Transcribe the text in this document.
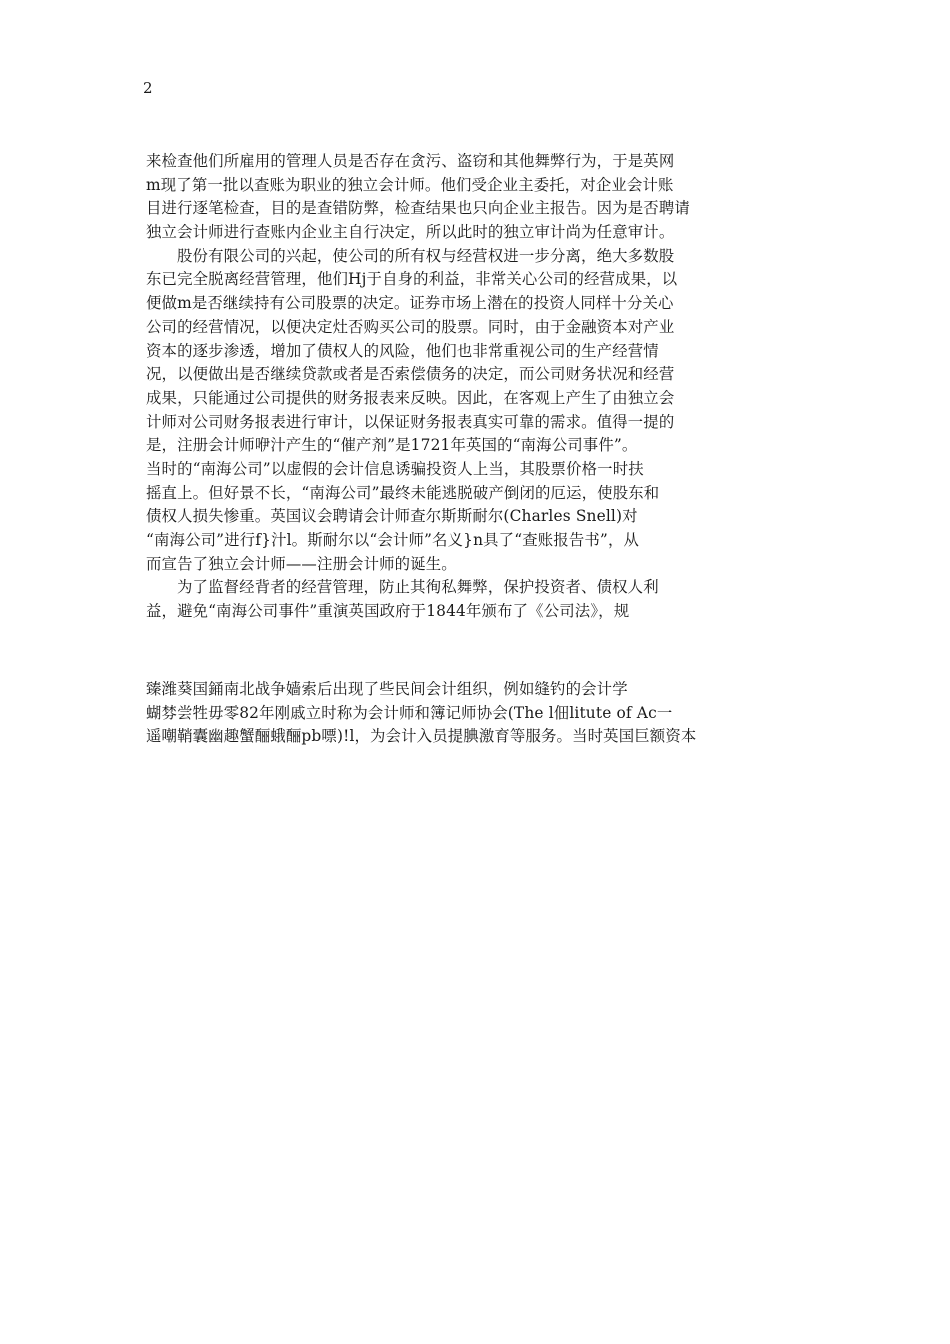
2
来检查他们所雇用的管理人员是否存在贪污、盗窃和其他舞弊行为，于是英网
m现了第一批以查账为职业的独立会计师。他们受企业主委托，对企业会计账
目进行逐笔检查，目的是查错防弊，检查结果也只向企业主报告。因为是否聘请
独立会计师进行查账内企业主自行决定，所以此时的独立审计尚为任意审计。
股份有限公司的兴起，使公司的所有权与经营权进一步分离，绝大多数股
东已完全脱离经营管理，他们Hj于自身的利益，非常关心公司的经营成果，以
便做m是否继续持有公司股票的决定。证券市场上潜在的投资人同样十分关心
公司的经营情况，以便决定灶否购买公司的股票。同时，由于金融资本对产业
资本的逐步渗透，增加了债权人的风险，他们也非常重视公司的生产经营情
况，以便做出是否继续贷款或者是否索偿债务的决定，而公司财务状况和经营
成果，只能通过公司提供的财务报表来反映。因此，在客观上产生了由独立会
计师对公司财务报表进行审计，以保证财务报表真实可靠的需求。值得一提的
是，注册会计师咿汁产生的“催产剂”是1721年英国的“南海公司事件”。
当时的“南海公司”以虚假的会计信息诱骗投资人上当，其股票价格一时扶
摇直上。但好景不长，“南海公司”最终未能逃脱破产倒闭的厄运，使股东和
债权人损失惨重。英国议会聘请会计师查尔斯斯耐尔(Charles Snell)对
“南海公司”进行f}汁l。斯耐尔以“会计师”名义}n具了“查账报告书”，从
而宣告了独立会计师——注册会计师的诞生。
为了监督经背者的经营管理，防止其徇私舞弊，保护投资者、债权人利
益，避免“南海公司事件”重演英国政府于1844年颁布了《公司法》，规
臻潍葵国銿南北战争嫱索后出现了些民间会计组织，例如缝钓的会计学
蝴棼尝牲毋零82年刚戚立时称为会计师和簿记师协会(The l佃litute of Ac一
遥嘲鞘囊幽趣蟹酾蛾酾pb嘌)!l，为会计入员提腆激育等服务。当时英国巨额资本
